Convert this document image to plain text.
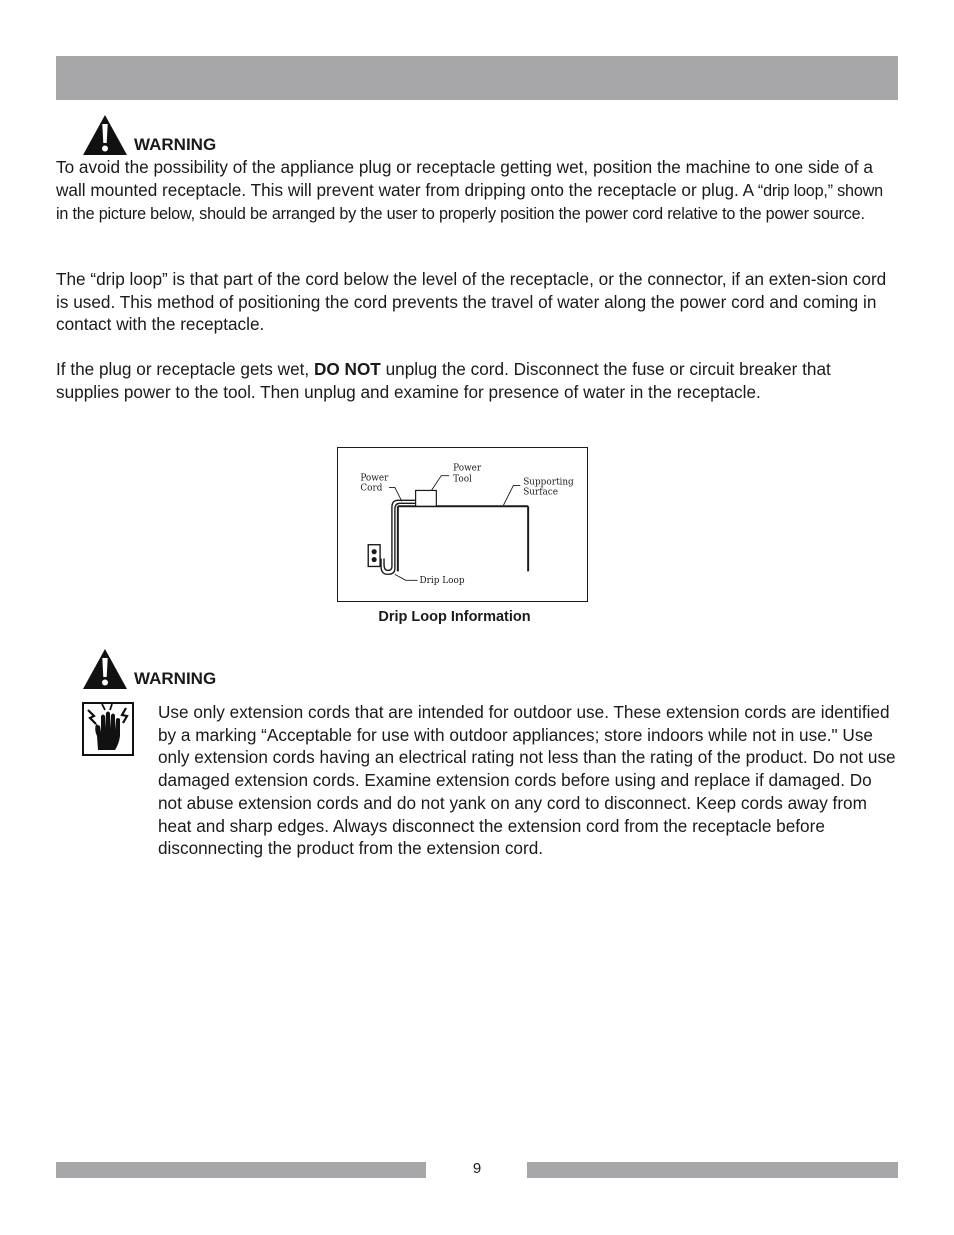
WARNING

To avoid the possibility of the appliance plug or receptacle getting wet, position the machine to one side of a wall mounted receptacle. This will prevent water from dripping onto the receptacle or plug. A “drip loop,” shown in the picture below, should be arranged by the user to properly position the power cord relative to the power source.

The “drip loop” is that part of the cord below the level of the receptacle, or the connector, if an exten-sion cord is used. This method of positioning the cord prevents the travel of water along the power cord and coming in contact with the receptacle.

If the plug or receptacle gets wet, DO NOT unplug the cord. Disconnect the fuse or circuit breaker that supplies power to the tool. Then unplug and examine for presence of water in the receptacle.

Power
Cord
Power
Tool	Supporting
Surface
Drip Loop
Drip Loop Information
WARNING

Use only extension cords that are intended for outdoor use. These extension cords are identified by a marking “Acceptable for use with outdoor appliances; store indoors while not in use." Use only extension cords having an electrical rating not less than the rating of the product. Do not use damaged extension cords. Examine extension cords before using and replace if damaged. Do not abuse extension cords and do not yank on any cord to disconnect. Keep cords away from heat and sharp edges. Always disconnect the extension cord from the receptacle before disconnecting the product from the extension cord.

9
